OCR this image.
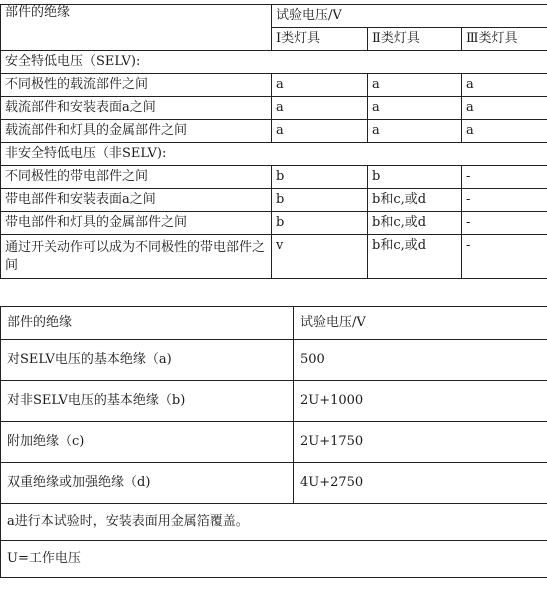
部件的绝缘	试验电压/V		
	Ⅰ类灯具	Ⅱ类灯具	Ⅲ类灯具
安全特低电压（SELV):			
不同极性的载流部件之间	a	a	a
载流部件和安装表面a之间	a	a	a
载流部件和灯具的金属部件之间	a	a	a
非安全特低电压（非SELV):			
不同极性的带电部件之间	b	b	-
带电部件和安装表面a之间	b	b和c,或d	-
带电部件和灯具的金属部件之间	b	b和c,或d	-
通过开关动作可以成为不同极性的带电部件之间	v	b和c,或d	-
部件的绝缘	试验电压/V
对SELV电压的基本绝缘（a)	500
对非SELV电压的基本绝缘（b)	2U+1000
附加绝缘（c)	2U+1750
双重绝缘或加强绝缘（d)	4U+2750
a进行本试验时，安装表面用金属箔覆盖。	
U=工作电压	
